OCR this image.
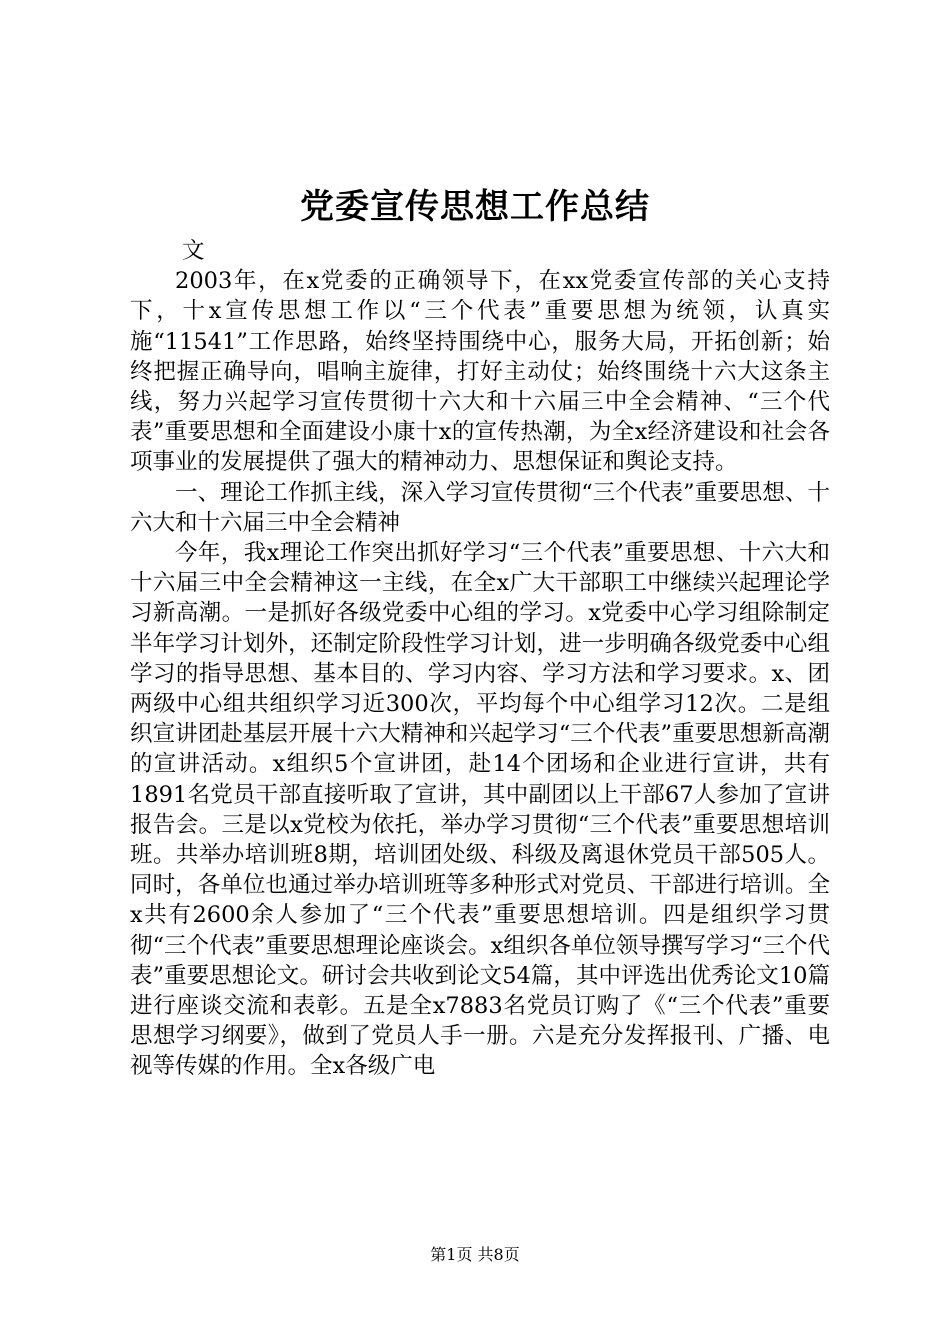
党委宣传思想工作总结

文

2003年，在x党委的正确领导下，在xx党委宣传部的关心支持下，十x宣传思想工作以“三个代表”重要思想为统领，认真实施“11541”工作思路，始终坚持围绕中心，服务大局，开拓创新；始终把握正确导向，唱响主旋律，打好主动仗；始终围绕十六大这条主线，努力兴起学习宣传贯彻十六大和十六届三中全会精神、“三个代表”重要思想和全面建设小康十x的宣传热潮，为全x经济建设和社会各项事业的发展提供了强大的精神动力、思想保证和舆论支持。

一、理论工作抓主线，深入学习宣传贯彻“三个代表”重要思想、十六大和十六届三中全会精神

今年，我x理论工作突出抓好学习“三个代表”重要思想、十六大和十六届三中全会精神这一主线，在全x广大干部职工中继续兴起理论学习新高潮。一是抓好各级党委中心组的学习。x党委中心学习组除制定半年学习计划外，还制定阶段性学习计划，进一步明确各级党委中心组学习的指导思想、基本目的、学习内容、学习方法和学习要求。x、团两级中心组共组织学习近300次，平均每个中心组学习12次。二是组织宣讲团赴基层开展十六大精神和兴起学习“三个代表”重要思想新高潮的宣讲活动。x组织5个宣讲团，赴14个团场和企业进行宣讲，共有1891名党员干部直接听取了宣讲，其中副团以上干部67人参加了宣讲报告会。三是以x党校为依托，举办学习贯彻“三个代表”重要思想培训班。共举办培训班8期，培训团处级、科级及离退休党员干部505人。同时，各单位也通过举办培训班等多种形式对党员、干部进行培训。全x共有2600余人参加了“三个代表”重要思想培训。四是组织学习贯彻“三个代表”重要思想理论座谈会。x组织各单位领导撰写学习“三个代表”重要思想论文。研讨会共收到论文54篇，其中评选出优秀论文10篇进行座谈交流和表彰。五是全x7883名党员订购了《“三个代表”重要思想学习纲要》，做到了党员人手一册。六是充分发挥报刊、广播、电视等传媒的作用。全x各级广电

第1页 共8页
